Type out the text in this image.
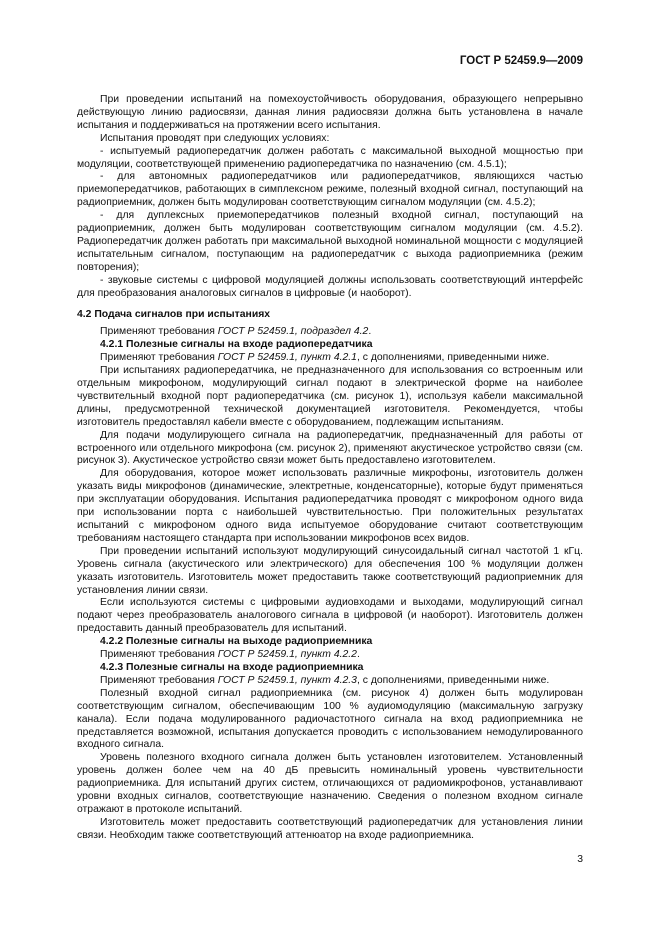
ГОСТ Р 52459.9—2009

При проведении испытаний на помехоустойчивость оборудования, образующего непрерывно действующую линию радиосвязи, данная линия радиосвязи должна быть установлена в начале испытания и поддерживаться на протяжении всего испытания.

Испытания проводят при следующих условиях:

- испытуемый радиопередатчик должен работать с максимальной выходной мощностью при модуляции, соответствующей применению радиопередатчика по назначению (см. 4.5.1);

- для автономных радиопередатчиков или радиопередатчиков, являющихся частью приемопередатчиков, работающих в симплексном режиме, полезный входной сигнал, поступающий на радиоприемник, должен быть модулирован соответствующим сигналом модуляции (см. 4.5.2);

- для дуплексных приемопередатчиков полезный входной сигнал, поступающий на радиоприемник, должен быть модулирован соответствующим сигналом модуляции (см. 4.5.2). Радиопередатчик должен работать при максимальной выходной номинальной мощности с модуляцией испытательным сигналом, поступающим на радиопередатчик с выхода радиоприемника (режим повторения);

- звуковые системы с цифровой модуляцией должны использовать соответствующий интерфейс для преобразования аналоговых сигналов в цифровые (и наоборот).

4.2 Подача сигналов при испытаниях

Применяют требования ГОСТ Р 52459.1, подраздел 4.2.

4.2.1 Полезные сигналы на входе радиопередатчика

Применяют требования ГОСТ Р 52459.1, пункт 4.2.1, с дополнениями, приведенными ниже.

При испытаниях радиопередатчика, не предназначенного для использования со встроенным или отдельным микрофоном, модулирующий сигнал подают в электрической форме на наиболее чувствительный входной порт радиопередатчика (см. рисунок 1), используя кабели максимальной длины, предусмотренной технической документацией изготовителя. Рекомендуется, чтобы изготовитель предоставлял кабели вместе с оборудованием, подлежащим испытаниям.

Для подачи модулирующего сигнала на радиопередатчик, предназначенный для работы от встроенного или отдельного микрофона (см. рисунок 2), применяют акустическое устройство связи (см. рисунок 3). Акустическое устройство связи может быть предоставлено изготовителем.

Для оборудования, которое может использовать различные микрофоны, изготовитель должен указать виды микрофонов (динамические, электретные, конденсаторные), которые будут применяться при эксплуатации оборудования. Испытания радиопередатчика проводят с микрофоном одного вида при использовании порта с наибольшей чувствительностью. При положительных результатах испытаний с микрофоном одного вида испытуемое оборудование считают соответствующим требованиям настоящего стандарта при использовании микрофонов всех видов.

При проведении испытаний используют модулирующий синусоидальный сигнал частотой 1 кГц. Уровень сигнала (акустического или электрического) для обеспечения 100 % модуляции должен указать изготовитель. Изготовитель может предоставить также соответствующий радиоприемник для установления линии связи.

Если используются системы с цифровыми аудиовходами и выходами, модулирующий сигнал подают через преобразователь аналогового сигнала в цифровой (и наоборот). Изготовитель должен предоставить данный преобразователь для испытаний.

4.2.2 Полезные сигналы на выходе радиоприемника

Применяют требования ГОСТ Р 52459.1, пункт 4.2.2.

4.2.3 Полезные сигналы на входе радиоприемника

Применяют требования ГОСТ Р 52459.1, пункт 4.2.3, с дополнениями, приведенными ниже.

Полезный входной сигнал радиоприемника (см. рисунок 4) должен быть модулирован соответствующим сигналом, обеспечивающим 100 % аудиомодуляцию (максимальную загрузку канала). Если подача модулированного радиочастотного сигнала на вход радиоприемника не представляется возможной, испытания допускается проводить с использованием немодулированного входного сигнала.

Уровень полезного входного сигнала должен быть установлен изготовителем. Установленный уровень должен более чем на 40 дБ превысить номинальный уровень чувствительности радиоприемника. Для испытаний других систем, отличающихся от радиомикрофонов, устанавливают уровни входных сигналов, соответствующие назначению. Сведения о полезном входном сигнале отражают в протоколе испытаний.

Изготовитель может предоставить соответствующий радиопередатчик для установления линии связи. Необходим также соответствующий аттенюатор на входе радиоприемника.

3
